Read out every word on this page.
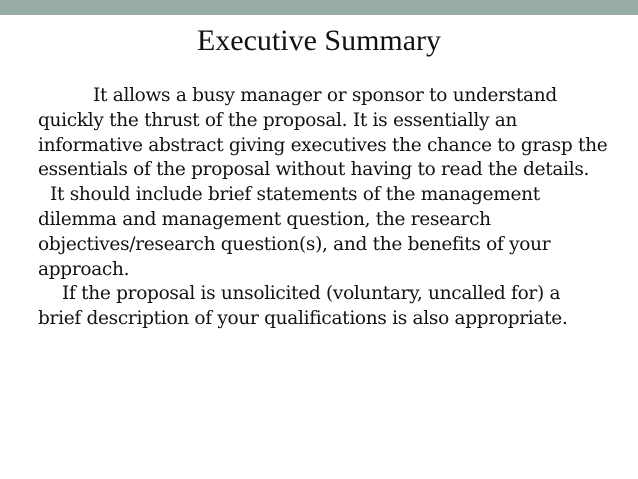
Executive Summary

It allows a busy manager or sponsor to understand quickly the thrust of the proposal. It is essentially an informative abstract giving executives the chance to grasp the essentials of the proposal without having to read the details.

It should include brief statements of the management dilemma and management question, the research objectives/research question(s), and the benefits of your approach.

If the proposal is unsolicited (voluntary, uncalled for) a brief description of your qualifications is also appropriate.
